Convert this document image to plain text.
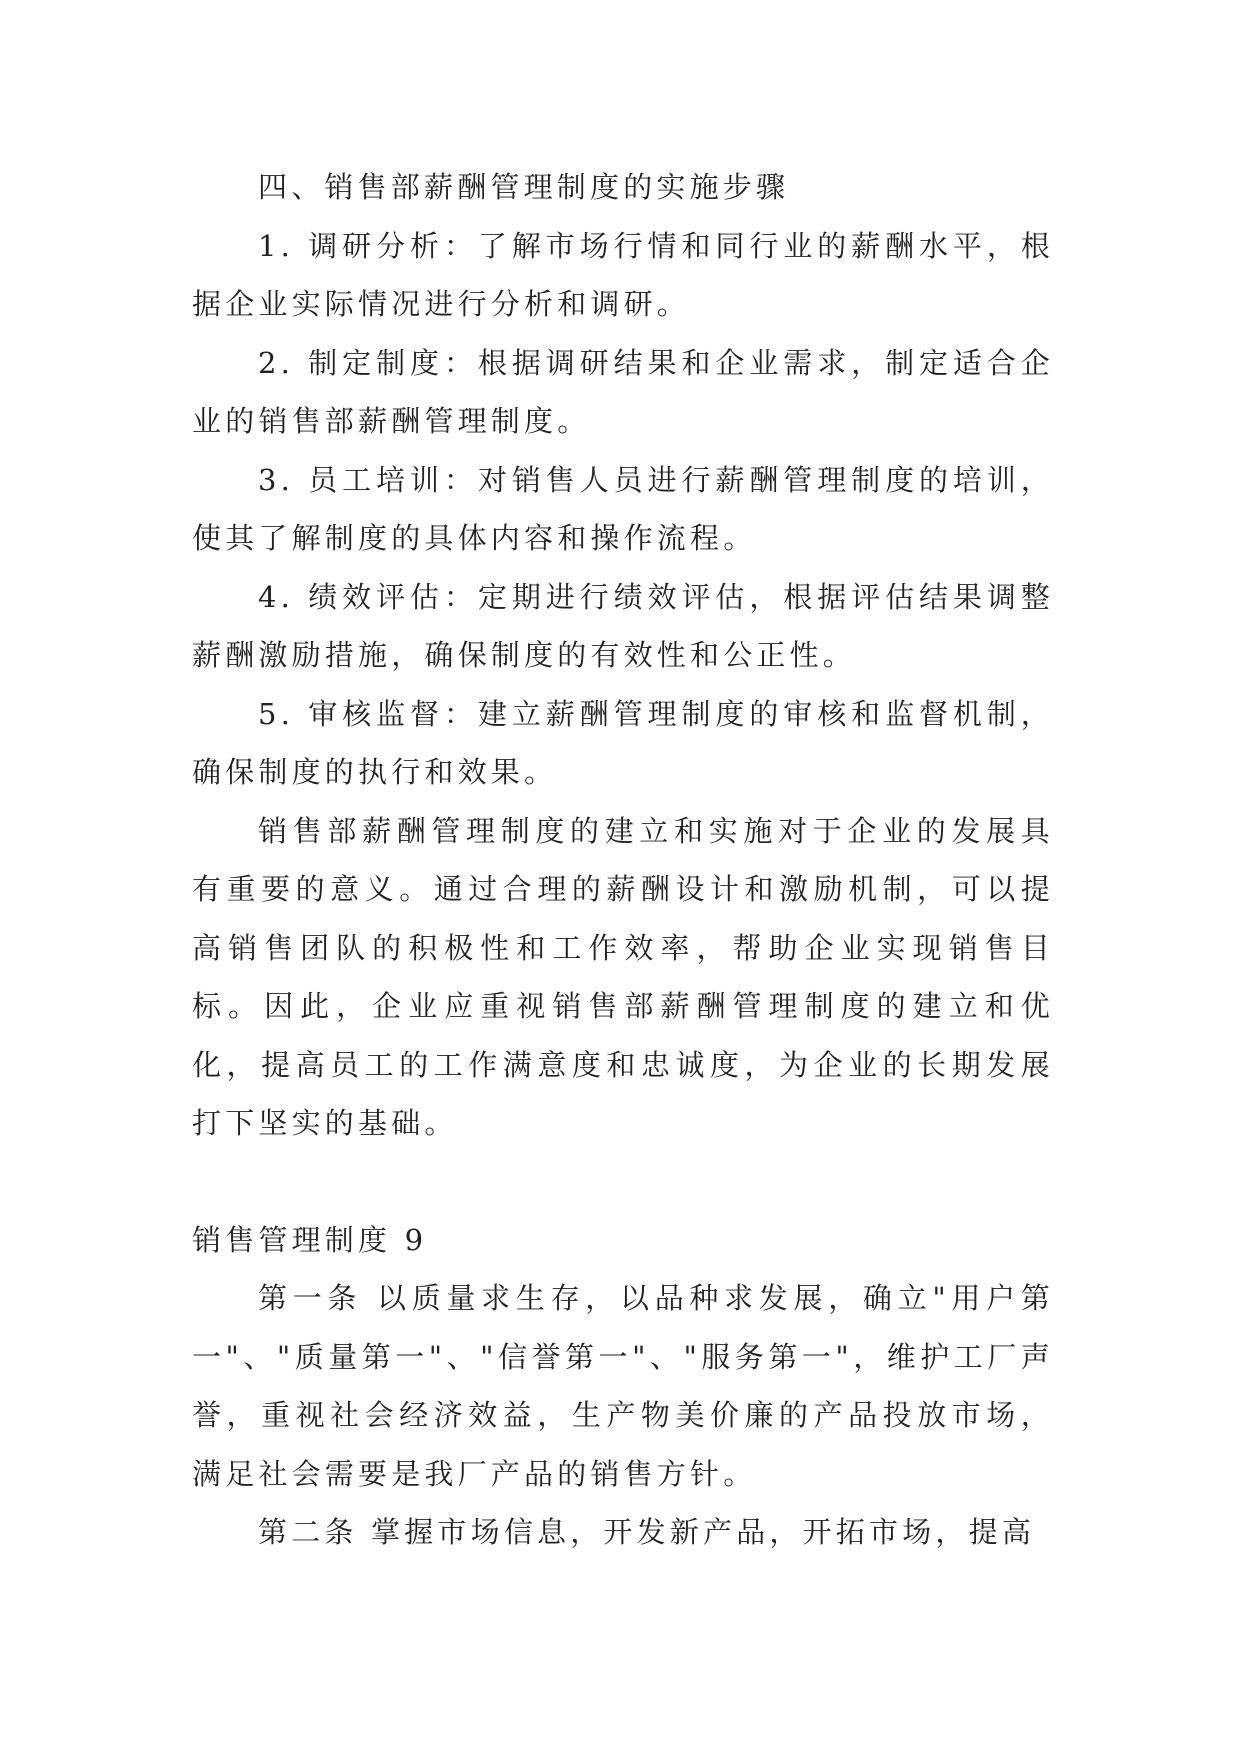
四、销售部薪酬管理制度的实施步骤

1. 调研分析：了解市场行情和同行业的薪酬水平，根据企业实际情况进行分析和调研。

2. 制定制度：根据调研结果和企业需求，制定适合企业的销售部薪酬管理制度。

3. 员工培训：对销售人员进行薪酬管理制度的培训，使其了解制度的具体内容和操作流程。

4. 绩效评估：定期进行绩效评估，根据评估结果调整薪酬激励措施，确保制度的有效性和公正性。

5. 审核监督：建立薪酬管理制度的审核和监督机制，确保制度的执行和效果。

销售部薪酬管理制度的建立和实施对于企业的发展具有重要的意义。通过合理的薪酬设计和激励机制，可以提高销售团队的积极性和工作效率，帮助企业实现销售目标。因此，企业应重视销售部薪酬管理制度的建立和优化，提高员工的工作满意度和忠诚度，为企业的长期发展打下坚实的基础。

销售管理制度 9

第一条 以质量求生存，以品种求发展，确立"用户第一"、"质量第一"、"信誉第一"、"服务第一"，维护工厂声誉，重视社会经济效益，生产物美价廉的产品投放市场，满足社会需要是我厂产品的销售方针。

第二条 掌握市场信息，开发新产品，开拓市场，提高
